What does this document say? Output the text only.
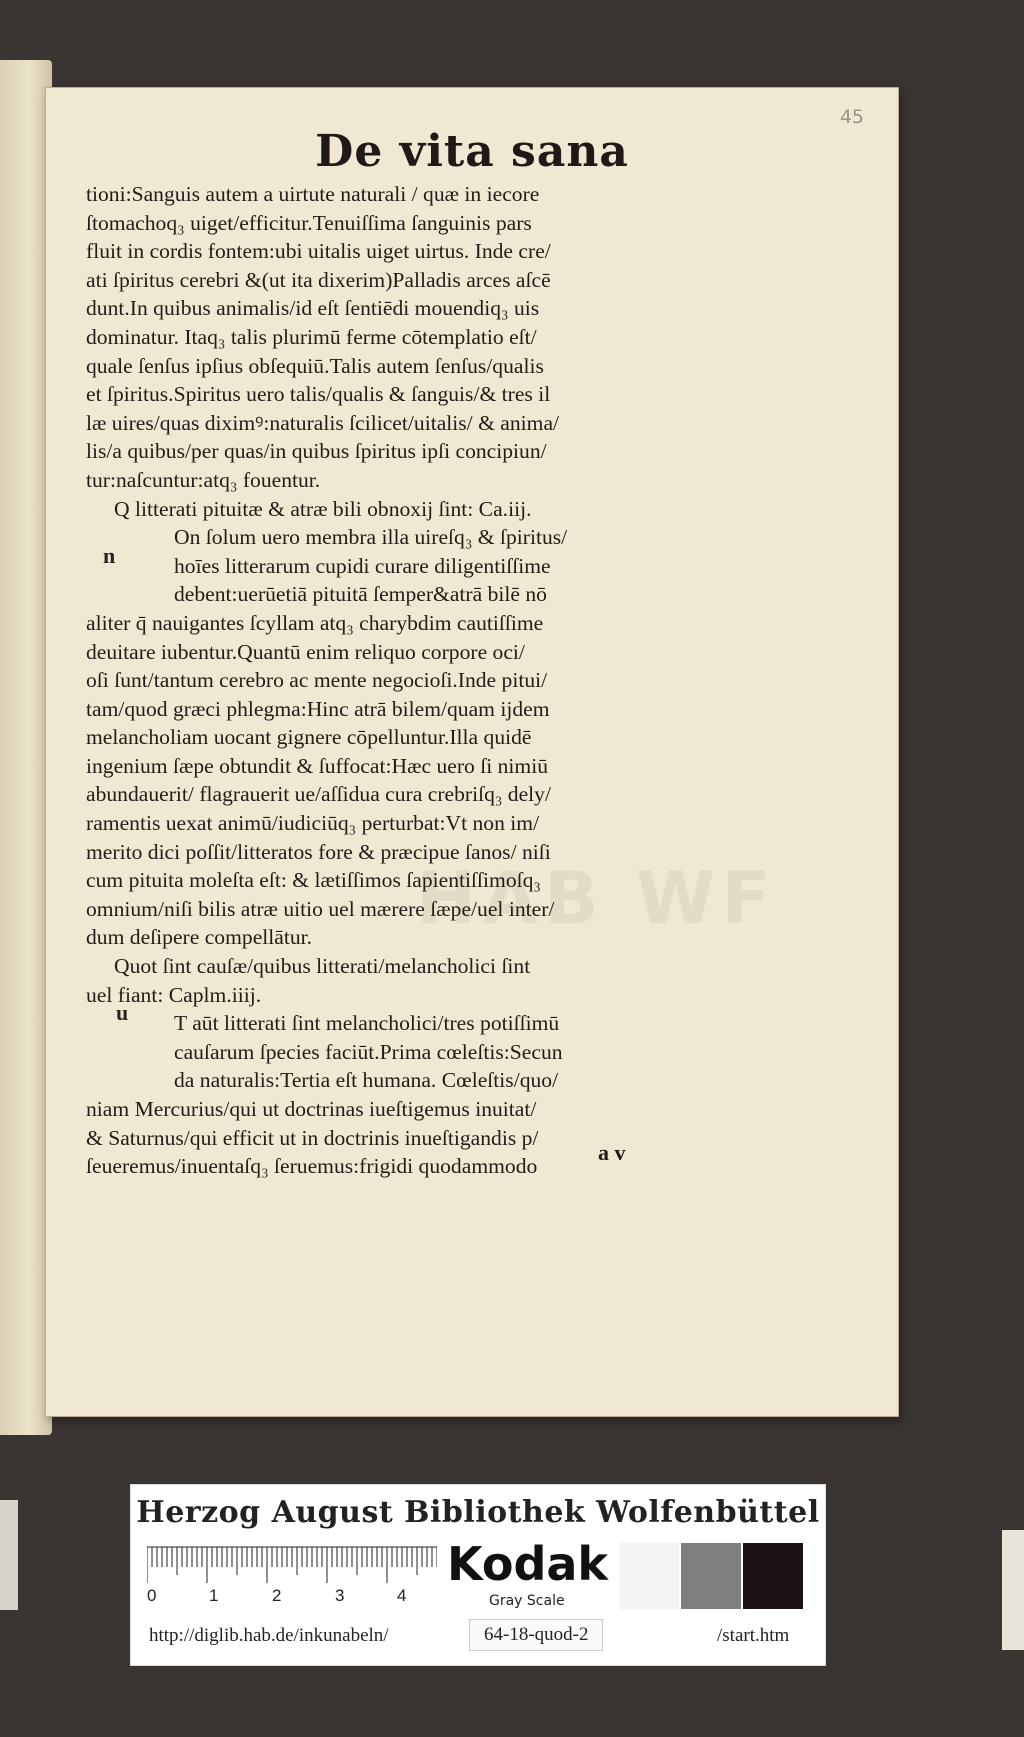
45
De vita sana
HAB WF
tioni:Sanguis autem a uirtute naturali / quæ in iecore
ſtomachoq₃ uiget/efficitur.Tenuiſſima ſanguinis pars
fluit in cordis fontem:ubi uitalis uiget uirtus. Inde cre/
ati ſpiritus cerebri &(ut ita dixerim)Palladis arces aſcē
dunt.In quibus animalis/id eſt ſentiēdi mouendiq₃ uis
dominatur. Itaq₃ talis plurimū ferme cōtemplatio eſt/
quale ſenſus ipſius obſequiū.Talis autem ſenſus/qualis
et ſpiritus.Spiritus uero talis/qualis & ſanguis/& tres il
læ uires/quas diximꝰ:naturalis ſcilicet/uitalis/ & anima/
lis/a quibus/per quas/in quibus ſpiritus ipſi concipiun/
tur:naſcuntur:atq₃ fouentur.
Q litterati pituitæ & atræ bili obnoxij ſint: Ca.iij.
On ſolum uero membra illa uireſq₃ & ſpiritus/
hoīes litterarum cupidi curare diligentiſſime
debent:uerūetiā pituitā ſemper&atrā bilē nō
aliter q̄ nauigantes ſcyllam atq₃ charybdim cautiſſime
deuitare iubentur.Quantū enim reliquo corpore oci/
oſi ſunt/tantum cerebro ac mente negocioſi.Inde pitui/
tam/quod græci phlegma:Hinc atrā bilem/quam ijdem
melancholiam uocant gignere cōpelluntur.Illa quidē
ingenium ſæpe obtundit & ſuffocat:Hæc uero ſi nimiū
abundauerit/ flagrauerit ue/aſſidua cura crebriſq₃ dely/
ramentis uexat animū/iudiciūq₃ perturbat:Vt non im/
merito dici poſſit/litteratos fore & præcipue ſanos/ niſi
cum pituita moleſta eſt: & lætiſſimos ſapientiſſimoſq₃
omnium/niſi bilis atræ uitio uel mærere ſæpe/uel inter/
dum deſipere compellātur.
Quot ſint cauſæ/quibus litterati/melancholici ſint
uel fiant: Caplm.iiij.
T aūt litterati ſint melancholici/tres potiſſimū
cauſarum ſpecies faciūt.Prima cœleſtis:Secun
da naturalis:Tertia eſt humana. Cœleſtis/quo/
niam Mercurius/qui ut doctrinas iueſtigemus inuitat/
& Saturnus/qui efficit ut in doctrinis inueſtigandis p/
ſeueremus/inuentaſq₃ ſeruemus:frigidi quodammodo
n
u
a v
Herzog August Bibliothek Wolfenbüttel
0	1	2	3	4
Kodak
Gray Scale
http://diglib.hab.de/inkunabeln/	64-18-quod-2	/start.htm
